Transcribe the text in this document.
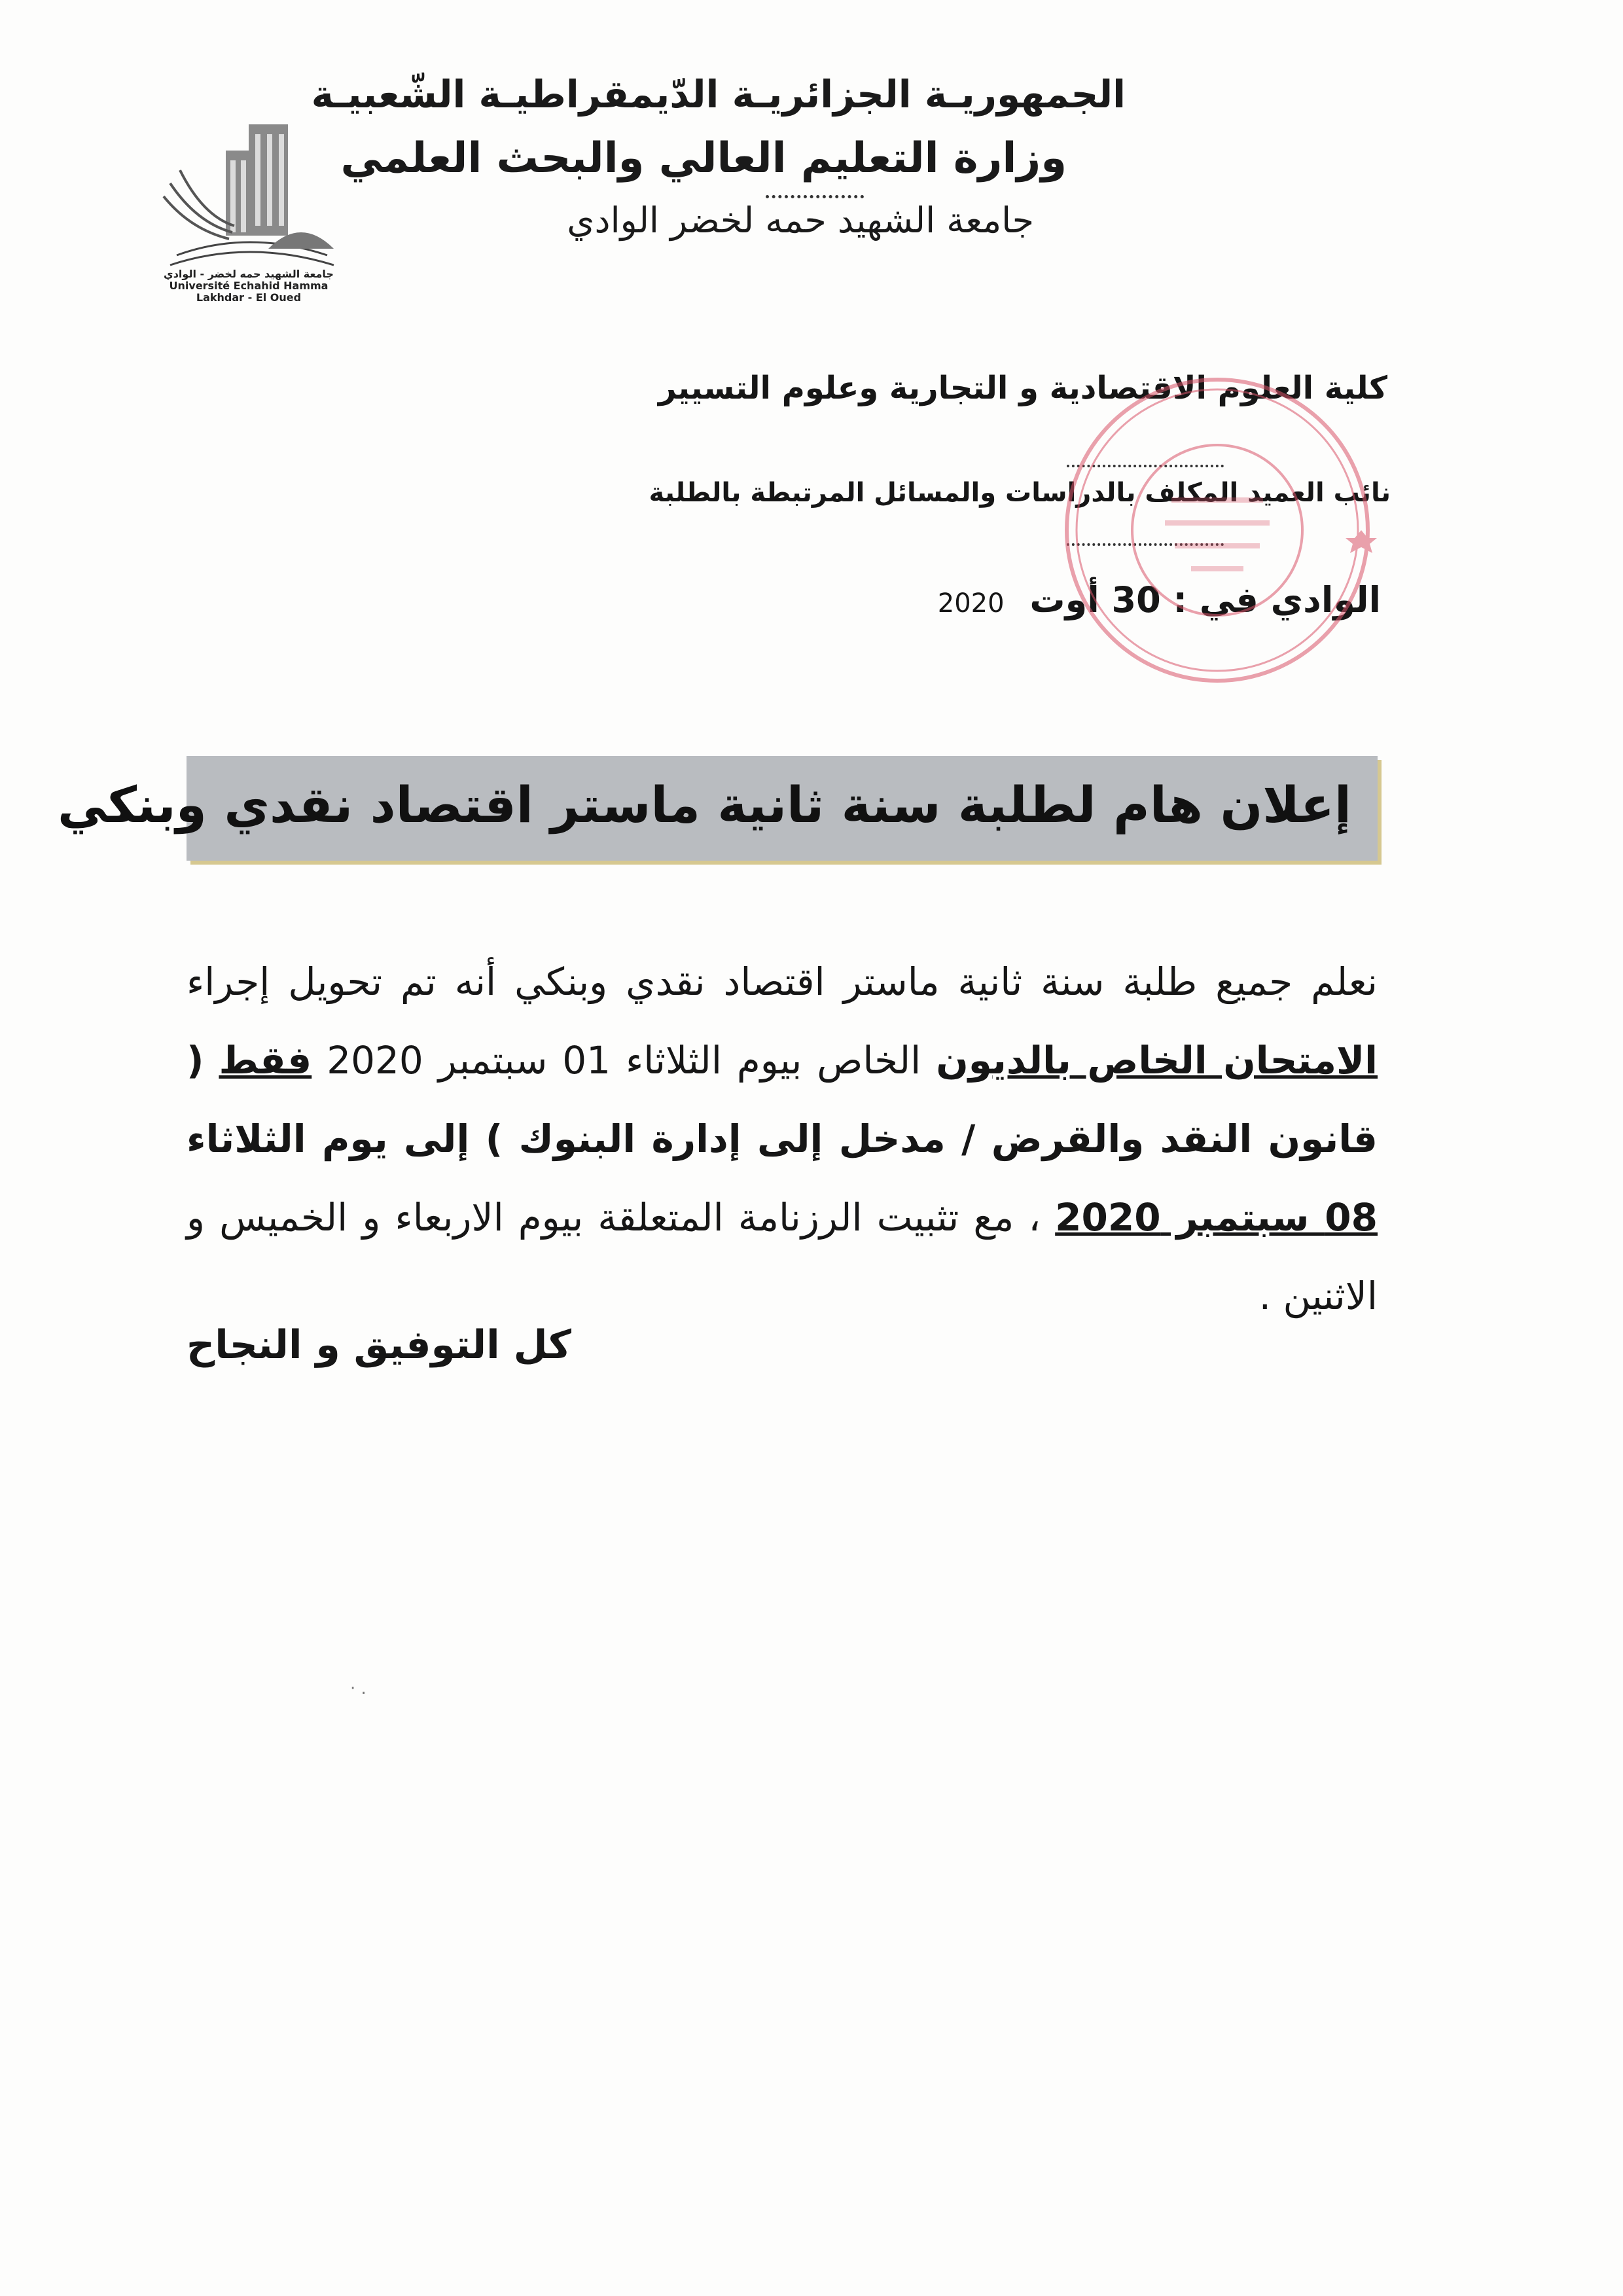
الجمهوريـة الجزائريـة الدّيمقراطيـة الشّعبيـة
وزارة التعليم العالي والبحث العلمي
جامعة الشهيد حمه لخضر الوادي
جامعة الشهيد حمه لخضر - الوادي
Université Echahid Hamma Lakhdar - El Oued
كلية العلوم الاقتصادية و التجارية وعلوم التسيير
نائب العميد المكلف بالدراسات والمسائل المرتبطة بالطلبة
الوادي في : 30 أوت 2020
إعلان هام لطلبة سنة ثانية ماستر اقتصاد نقدي وبنكي

نعلم جميع طلبة سنة ثانية ماستر اقتصاد نقدي وبنكي أنه تم تحويل إجراء الامتحان الخاص بالديون الخاص بيوم الثلاثاء 01 سبتمبر 2020 فقط ( قانون النقد والقرض / مدخل إلى إدارة البنوك ) إلى يوم الثلاثاء 08 سبتمبر 2020 ، مع تثبيت الرزنامة المتعلقة بيوم الاربعاء و الخميس و الاثنين .

كل التوفيق و النجاح
· .
